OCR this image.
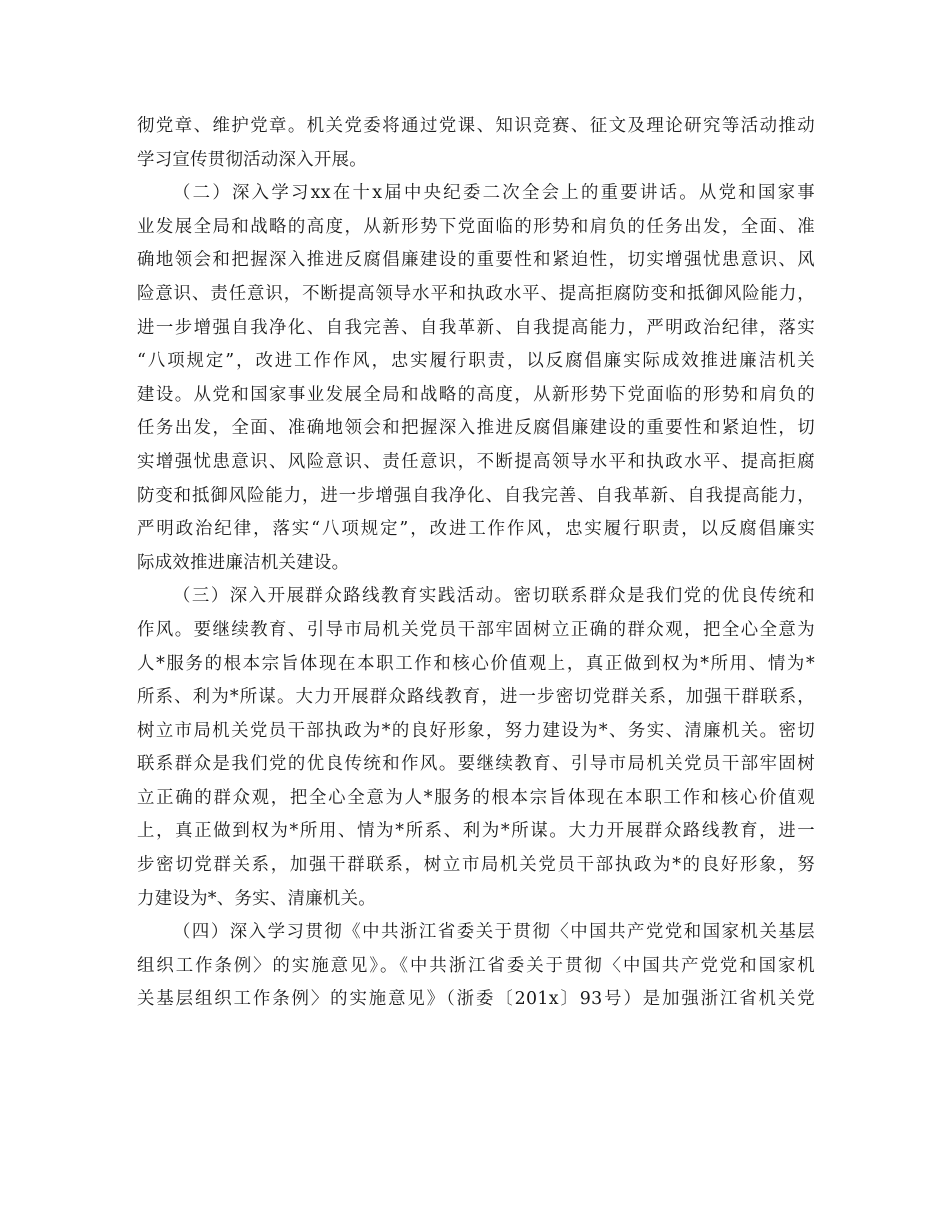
彻党章、维护党章。机关党委将通过党课、知识竞赛、征文及理论研究等活动推动
学习宣传贯彻活动深入开展。
（二）深入学习xx在十x届中央纪委二次全会上的重要讲话。从党和国家事
业发展全局和战略的高度，从新形势下党面临的形势和肩负的任务出发，全面、准
确地领会和把握深入推进反腐倡廉建设的重要性和紧迫性，切实增强忧患意识、风
险意识、责任意识，不断提高领导水平和执政水平、提高拒腐防变和抵御风险能力，
进一步增强自我净化、自我完善、自我革新、自我提高能力，严明政治纪律，落实
“八项规定”，改进工作作风，忠实履行职责，以反腐倡廉实际成效推进廉洁机关
建设。从党和国家事业发展全局和战略的高度，从新形势下党面临的形势和肩负的
任务出发，全面、准确地领会和把握深入推进反腐倡廉建设的重要性和紧迫性，切
实增强忧患意识、风险意识、责任意识，不断提高领导水平和执政水平、提高拒腐
防变和抵御风险能力，进一步增强自我净化、自我完善、自我革新、自我提高能力，
严明政治纪律，落实“八项规定”，改进工作作风，忠实履行职责，以反腐倡廉实
际成效推进廉洁机关建设。
（三）深入开展群众路线教育实践活动。密切联系群众是我们党的优良传统和
作风。要继续教育、引导市局机关党员干部牢固树立正确的群众观，把全心全意为
人*服务的根本宗旨体现在本职工作和核心价值观上，真正做到权为*所用、情为*
所系、利为*所谋。大力开展群众路线教育，进一步密切党群关系，加强干群联系，
树立市局机关党员干部执政为*的良好形象，努力建设为*、务实、清廉机关。密切
联系群众是我们党的优良传统和作风。要继续教育、引导市局机关党员干部牢固树
立正确的群众观，把全心全意为人*服务的根本宗旨体现在本职工作和核心价值观
上，真正做到权为*所用、情为*所系、利为*所谋。大力开展群众路线教育，进一
步密切党群关系，加强干群联系，树立市局机关党员干部执政为*的良好形象，努
力建设为*、务实、清廉机关。
（四）深入学习贯彻《中共浙江省委关于贯彻〈中国共产党党和国家机关基层
组织工作条例〉的实施意见》。《中共浙江省委关于贯彻〈中国共产党党和国家机
关基层组织工作条例〉的实施意见》（浙委〔201x〕93号）是加强浙江省机关党
